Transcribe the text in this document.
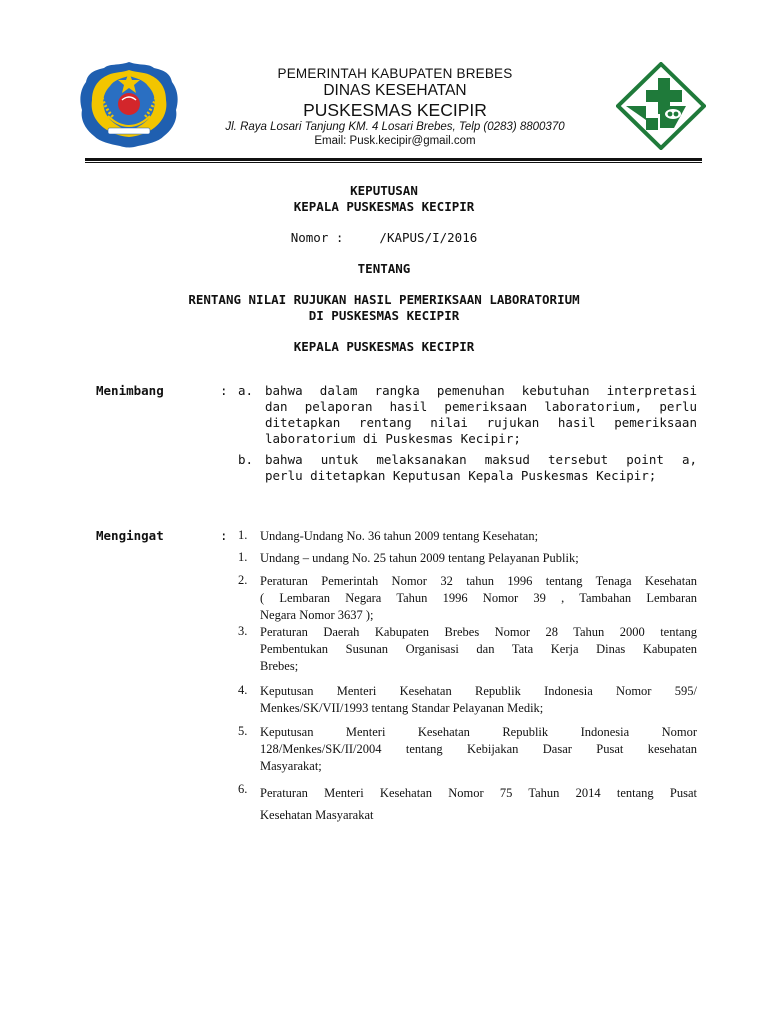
PEMERINTAH KABUPATEN BREBES
DINAS KESEHATAN
PUSKESMAS KECIPIR
Jl. Raya Losari Tanjung KM. 4 Losari Brebes, Telp (0283) 8800370
Email: Pusk.kecipir@gmail.com
KEPUTUSAN
KEPALA PUSKESMAS KECIPIR
Nomor :	/KAPUS/I/2016
TENTANG
RENTANG NILAI RUJUKAN HASIL PEMERIKSAAN LABORATORIUM
DI PUSKESMAS KECIPIR
KEPALA PUSKESMAS KECIPIR
Menimbang	: a. bahwa dalam rangka pemenuhan kebutuhan interpretasi
dan pelaporan hasil pemeriksaan laboratorium, perlu
ditetapkan rentang nilai rujukan hasil pemeriksaan
laboratorium di Puskesmas Kecipir;
b. bahwa untuk melaksanakan maksud tersebut point a,
perlu ditetapkan Keputusan Kepala Puskesmas Kecipir;
Mengingat	: 1. Undang-Undang No. 36 tahun 2009 tentang Kesehatan;
1. Undang – undang No. 25 tahun 2009 tentang Pelayanan Publik;
2. Peraturan Pemerintah Nomor 32 tahun 1996 tentang Tenaga Kesehatan
( Lembaran Negara Tahun 1996 Nomor 39 , Tambahan Lembaran
Negara Nomor 3637 );
3. Peraturan Daerah Kabupaten Brebes Nomor 28 Tahun 2000 tentang
Pembentukan Susunan Organisasi dan Tata Kerja Dinas Kabupaten
Brebes;
4. Keputusan Menteri Kesehatan Republik Indonesia Nomor 595/
Menkes/SK/VII/1993 tentang Standar Pelayanan Medik;
5. Keputusan Menteri Kesehatan Republik Indonesia Nomor
128/Menkes/SK/II/2004 tentang Kebijakan Dasar Pusat kesehatan
Masyarakat;
6. Peraturan Menteri Kesehatan Nomor 75 Tahun 2014 tentang Pusat
Kesehatan Masyarakat
